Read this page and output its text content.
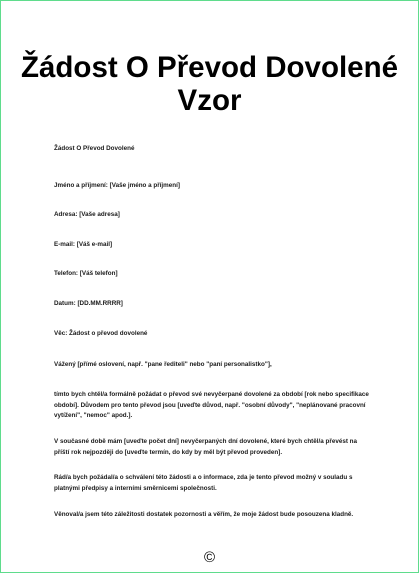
Žádost O Převod Dovolené
Vzor
Žádost O Převod Dovolené
Jméno a příjmení: [Vaše jméno a příjmení]
Adresa: [Vaše adresa]
E-mail: [Váš e-mail]
Telefon: [Váš telefon]
Datum: [DD.MM.RRRR]
Věc: Žádost o převod dovolené
Vážený [přímé oslovení, např. "pane řediteli" nebo "paní personalistko"],
tímto bych chtěl/a formálně požádat o převod své nevyčerpané dovolené za období [rok nebo specifikace období]. Důvodem pro tento převod jsou [uveďte důvod, např. "osobní důvody", "neplánované pracovní vytížení", "nemoc" apod.].
V současné době mám [uveďte počet dní] nevyčerpaných dní dovolené, které bych chtěl/a převést na příští rok nejpozději do [uveďte termín, do kdy by měl být převod proveden].
Rád/a bych požádal/a o schválení této žádosti a o informace, zda je tento převod možný v souladu s platnými předpisy a interními směrnicemi společnosti.
Věnoval/a jsem této záležitosti dostatek pozornosti a věřím, že moje žádost bude posouzena kladně.
©
